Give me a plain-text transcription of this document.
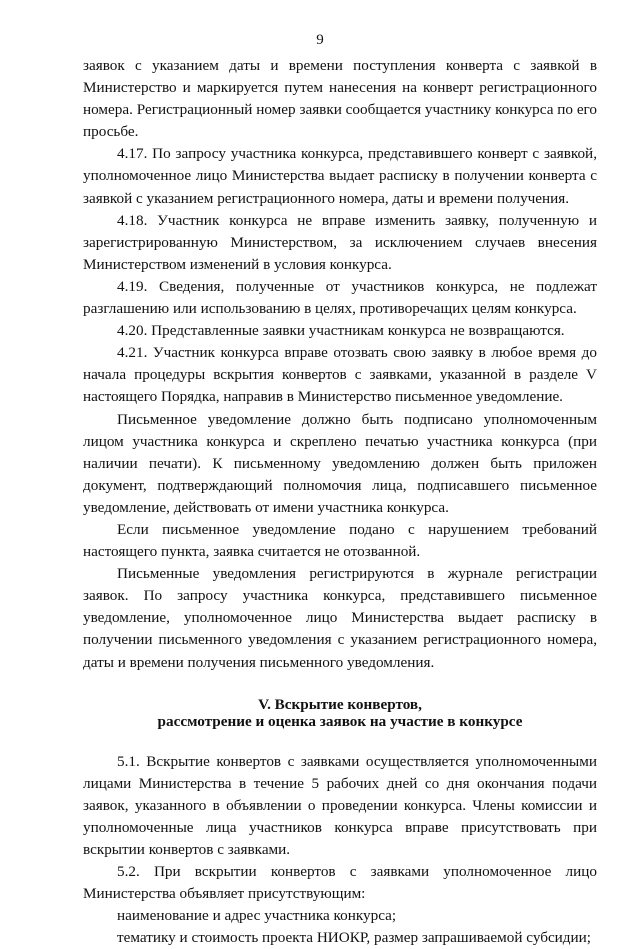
9

заявок с указанием даты и времени поступления конверта с заявкой в Министерство и маркируется путем нанесения на конверт регистрационного номера. Регистрационный номер заявки сообщается участнику конкурса по его просьбе.

4.17. По запросу участника конкурса, представившего конверт с заявкой, уполномоченное лицо Министерства выдает расписку в получении конверта с заявкой с указанием регистрационного номера, даты и времени получения.

4.18. Участник конкурса не вправе изменить заявку, полученную и зарегистрированную Министерством, за исключением случаев внесения Министерством изменений в условия конкурса.

4.19. Сведения, полученные от участников конкурса, не подлежат разглашению или использованию в целях, противоречащих целям конкурса.

4.20. Представленные заявки участникам конкурса не возвращаются.

4.21. Участник конкурса вправе отозвать свою заявку в любое время до начала процедуры вскрытия конвертов с заявками, указанной в разделе V настоящего Порядка, направив в Министерство письменное уведомление.

Письменное уведомление должно быть подписано уполномоченным лицом участника конкурса и скреплено печатью участника конкурса (при наличии печати). К письменному уведомлению должен быть приложен документ, подтверждающий полномочия лица, подписавшего письменное уведомление, действовать от имени участника конкурса.

Если письменное уведомление подано с нарушением требований настоящего пункта, заявка считается не отозванной.

Письменные уведомления регистрируются в журнале регистрации заявок. По запросу участника конкурса, представившего письменное уведомление, уполномоченное лицо Министерства выдает расписку в получении письменного уведомления с указанием регистрационного номера, даты и времени получения письменного уведомления.

V. Вскрытие конвертов,
рассмотрение и оценка заявок на участие в конкурсе

5.1. Вскрытие конвертов с заявками осуществляется уполномоченными лицами Министерства в течение 5 рабочих дней со дня окончания подачи заявок, указанного в объявлении о проведении конкурса. Члены комиссии и уполномоченные лица участников конкурса вправе присутствовать при вскрытии конвертов с заявками.

5.2. При вскрытии конвертов с заявками уполномоченное лицо Министерства объявляет присутствующим:

наименование и адрес участника конкурса;

тематику и стоимость проекта НИОКР, размер запрашиваемой субсидии;
